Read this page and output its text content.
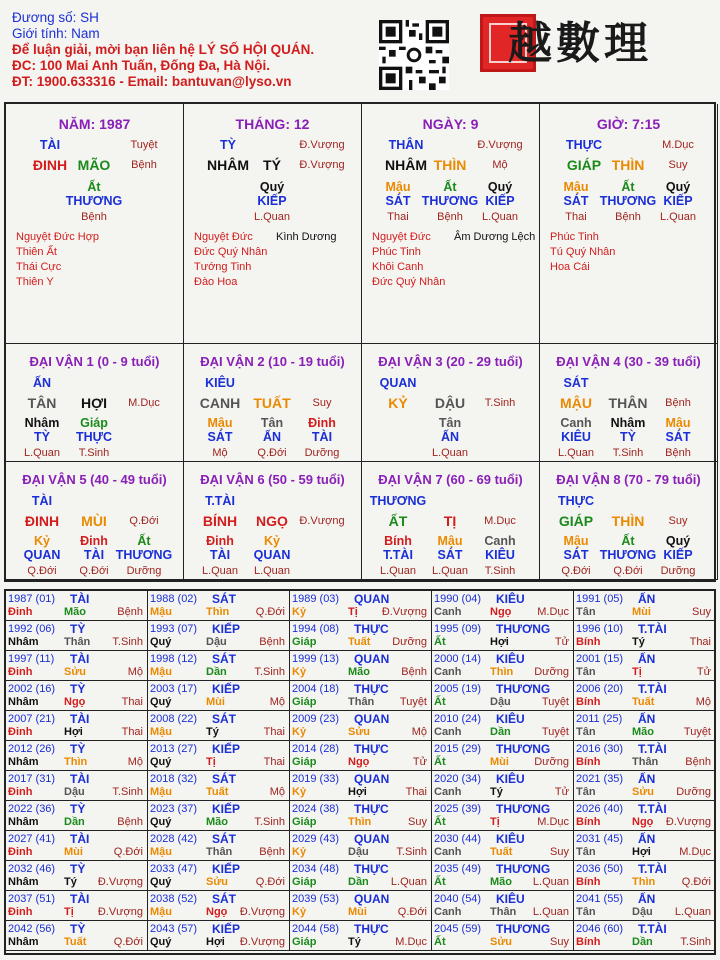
Đương số: SH
Giới tính: Nam
Để luận giải, mời bạn liên hệ LÝ SỐ HỘI QUÁN.
ĐC: 100 Mai Anh Tuấn, Đống Đa, Hà Nội.
ĐT: 1900.633316 - Email: bantuvan@lyso.vn
越數理
NĂM: 1987
TÀI	Tuyệt
ĐINH MÃO	Bệnh
Ất
THƯƠNG
Bệnh
Nguyệt Đức Hợp
Thiên Ất
Thái Cực
Thiên Y
THÁNG: 12
TỲ	Đ.Vượng
NHÂM	TÝ	Đ.Vượng
Quý
KIẾP
L.Quan
Nguyệt Đức
Đức Quý Nhân
Tướng Tinh
Đào Hoa
Kình Dương
NGÀY: 9
THÂN	Đ.Vượng
NHÂM THÌN	Mộ
Mậu
SÁT
Thai
Ất
THƯƠNG
Bệnh
Quý
KIẾP
L.Quan
Nguyệt Đức
Phúc Tinh
Khôi Canh
Đức Quý Nhân
Âm Dương Lệch
GIỜ: 7:15
THỰC	M.Dục
GIÁP THÌN	Suy
Mậu
SÁT
Thai
Ất
THƯƠNG
Bệnh
Quý
KIẾP
L.Quan
Phúc Tinh
Tú Quý Nhân
Hoa Cái
ĐẠI VẬN 1 (0 - 9 tuổi)
ẤN
TÂN	HỢI	M.Dục
Nhâm
TỲ
L.Quan
Giáp
THỰC
T.Sinh
ĐẠI VẬN 2 (10 - 19 tuổi)
KIÊU
CANH TUẤT	Suy
Mậu
SÁT
Mộ
Tân
ẤN
Q.Đới
Đinh
TÀI
Dưỡng
ĐẠI VẬN 3 (20 - 29 tuổi)
QUAN
KỶ	DẬU	T.Sinh
Tân
ẤN
L.Quan
ĐẠI VẬN 4 (30 - 39 tuổi)
SÁT
MẬU	THÂN	Bệnh
Canh
KIÊU
L.Quan
Nhâm
TỲ
T.Sinh
Mậu
SÁT
Bệnh
ĐẠI VẬN 5 (40 - 49 tuổi)
TÀI
ĐINH	MÙI	Q.Đới
Kỷ
QUAN
Q.Đới
Đinh
TÀI
Q.Đới
Ất
THƯƠNG
Dưỡng
ĐẠI VẬN 6 (50 - 59 tuổi)
T.TÀI
BÍNH	NGỌ	Đ.Vượng
Đinh
TÀI
L.Quan
Kỷ
QUAN
L.Quan
ĐẠI VẬN 7 (60 - 69 tuổi)
THƯƠNG
ẤT	TỊ	M.Dục
Bính
T.TÀI
L.Quan
Mậu
SÁT
L.Quan
Canh
KIÊU
T.Sinh
ĐẠI VẬN 8 (70 - 79 tuổi)
THỰC
GIÁP	THÌN	Suy
Mậu
SÁT
Q.Đới
Ất
THƯƠNG
Q.Đới
Quý
KIẾP
Dưỡng
1987 (01) TÀI
Đinh	Mão	Bệnh
1988 (02) SÁT
Mậu	Thìn Q.Đới
1989 (03) QUAN
Kỷ	Tị Đ.Vượng
1990 (04) KIÊU
Canh	Ngọ M.Dục
1991 (05) ẤN
Tân	Mùi	Suy
1992 (06) TỲ
Nhâm Thân T.Sinh
1993 (07) KIẾP
Quý	Dậu	Bệnh
1994 (08) THỰC
Giáp	Tuất Dưỡng
1995 (09) THƯƠNG
Ất	Hợi	Tử
1996 (10) T.TÀI
Bính	Tý	Thai
1997 (11) TÀI
Đinh	Sửu	Mộ
1998 (12) SÁT
Mậu	Dần	T.Sinh
1999 (13) QUAN
Kỷ	Mão	Bệnh
2000 (14) KIÊU
Canh	Thìn Dưỡng
2001 (15) ẤN
Tân	Tị	Tử
2002 (16) TỲ
Nhâm Ngọ	Thai
2003 (17) KIẾP
Quý	Mùi	Mộ
2004 (18) THỰC
Giáp	Thân Tuyệt
2005 (19) THƯƠNG
Ất	Dậu	Tuyệt
2006 (20) T.TÀI
Bính	Tuất	Mộ
2007 (21) TÀI
Đinh	Hợi	Thai
2008 (22) SÁT
Mậu	Tý	Thai
2009 (23) QUAN
Kỷ	Sửu	Mộ
2010 (24) KIÊU
Canh	Dần	Tuyệt
2011 (25) ẤN
Tân	Mão	Tuyệt
2012 (26) TỲ
Nhâm Thìn	Mộ
2013 (27) KIẾP
Quý	Tị	Thai
2014 (28) THỰC
Giáp	Ngọ	Tử
2015 (29) THƯƠNG
Ất	Mùi Dưỡng
2016 (30) T.TÀI
Bính	Thân Bệnh
2017 (31) TÀI
Đinh	Dậu	T.Sinh
2018 (32) SÁT
Mậu	Tuất	Mộ
2019 (33) QUAN
Kỷ	Hợi	Thai
2020 (34) KIÊU
Canh	Tý	Tử
2021 (35) ẤN
Tân	Sửu Dưỡng
2022 (36) TỲ
Nhâm Dần	Bệnh
2023 (37) KIẾP
Quý	Mão T.Sinh
2024 (38) THỰC
Giáp	Thìn	Suy
2025 (39) THƯƠNG
Ất	Tị	M.Dục
2026 (40) T.TÀI
Bính	Ngọ Đ.Vượng
2027 (41) TÀI
Đinh	Mùi	Q.Đới
2028 (42) SÁT
Mậu	Thân Bệnh
2029 (43) QUAN
Kỷ	Dậu	T.Sinh
2030 (44) KIÊU
Canh	Tuất	Suy
2031 (45) ẤN
Tân	Hợi	M.Dục
2032 (46) TỲ
Nhâm Tý Đ.Vượng
2033 (47) KIẾP
Quý	Sửu	Q.Đới
2034 (48) THỰC
Giáp	Dần L.Quan
2035 (49) THƯƠNG
Ất	Mão L.Quan
2036 (50) T.TÀI
Bính	Thìn Q.Đới
2037 (51) TÀI
Đinh	Tị Đ.Vượng
2038 (52) SÁT
Mậu	Ngọ Đ.Vượng
2039 (53) QUAN
Kỷ	Mùi	Q.Đới
2040 (54) KIÊU
Canh	Thân L.Quan
2041 (55) ẤN
Tân	Dậu L.Quan
2042 (56) TỲ
Nhâm Tuất Q.Đới
2043 (57) KIẾP
Quý	Hợi Đ.Vượng
2044 (58) THỰC
Giáp	Tý	M.Dục
2045 (59) THƯƠNG
Ất	Sửu	Suy
2046 (60) T.TÀI
Bính	Dần	T.Sinh
